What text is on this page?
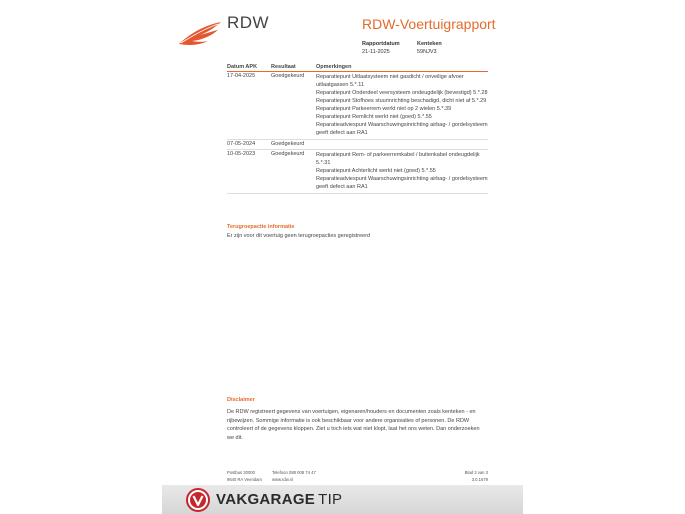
RDW	RDW-Voertuigrapport
Rapportdatum
21-11-2025
Kenteken
59NJV3
Datum APK	Resultaat	Opmerkingen
17-04-2025	Goedgekeurd	Reparatiepunt Uitlaatsysteem niet gasdicht / onveilige afvoer uitlaatgassen 5.*.11
Reparatiepunt Onderdeel veersysteem ondeugdelijk (bevestigd) 5.*.28
Reparatiepunt Stofhoes stuurinrichting beschadigd, dicht niet af 5.*.29
Reparatiepunt Parkeerrem werkt niet op 2 wielen 5.*.39
Reparatiepunt Remlicht werkt niet (goed) 5.*.55
Reparatieadviespunt Waarschuwingsinrichting airbag- / gordelsysteem geeft defect aan RA1
07-05-2024	Goedgekeurd
10-05-2023	Goedgekeurd	Reparatiepunt Rem- of parkeerremkabel / buitenkabel ondeugdelijk 5.*.31
Reparatiepunt Achterlicht werkt niet (goed) 5.*.55
Reparatieadviespunt Waarschuwingsinrichting airbag- / gordelsysteem geeft defect aan RA1
Terugroepactie informatie
Er zijn voor dit voertuig geen terugroepacties geregistreerd
Disclaimer
De RDW registreert gegevens van voertuigen, eigenaren/houders en documenten zoals kenteken - en rijbewijzen. Sommige informatie is ook beschikbaar voor andere organisaties of personen. De RDW controleert of de gegevens kloppen. Ziet u toch iets wat niet klopt, laat het ons weten. Dan onderzoeken we dit.
Postbus 30000
9640 RA Veendam
Telefoon 088 008 74 47
www.rdw.nl
Blad 3 van 3
3.0.1679
VAKGARAGE TIP
